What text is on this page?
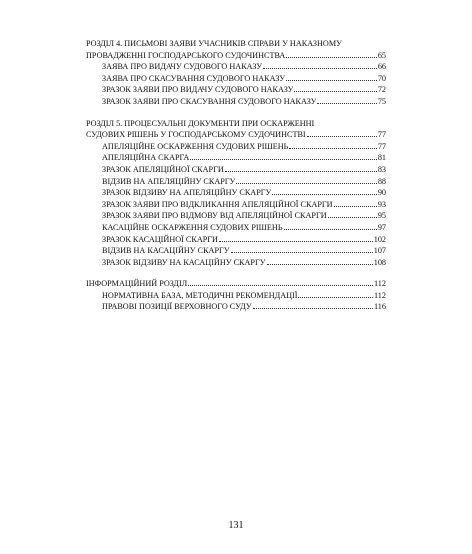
РОЗДІЛ 4. ПИСЬМОВІ ЗАЯВИ УЧАСНИКІВ СПРАВИ У НАКАЗНОМУ
ПРОВАДЖЕННІ ГОСПОДАРСЬКОГО СУДОЧИНСТВА	65
ЗАЯВА ПРО ВИДАЧУ СУДОВОГО НАКАЗУ	66
ЗАЯВА ПРО СКАСУВАННЯ СУДОВОГО НАКАЗУ	70
ЗРАЗОК ЗАЯВИ ПРО ВИДАЧУ СУДОВОГО НАКАЗУ	72
ЗРАЗОК ЗАЯВИ ПРО СКАСУВАННЯ СУДОВОГО НАКАЗУ	75
РОЗДІЛ 5. ПРОЦЕСУАЛЬНІ ДОКУМЕНТИ ПРИ ОСКАРЖЕННІ
СУДОВИХ РІШЕНЬ У ГОСПОДАРСЬКОМУ СУДОЧИНСТВІ	77
АПЕЛЯЦІЙНЕ ОСКАРЖЕННЯ СУДОВИХ РІШЕНЬ	77
АПЕЛЯЦІЙНА СКАРГА	81
ЗРАЗОК АПЕЛЯЦІЙНОЇ СКАРГИ	83
ВІДЗИВ НА АПЕЛЯЦІЙНУ СКАРГУ	88
ЗРАЗОК ВІДЗИВУ НА АПЕЛЯЦІЙНУ СКАРГУ	90
ЗРАЗОК ЗАЯВИ ПРО ВІДКЛИКАННЯ АПЕЛЯЦІЙНОЇ СКАРГИ	93
ЗРАЗОК ЗАЯВИ ПРО ВІДМОВУ ВІД АПЕЛЯЦІЙНОЇ СКАРГИ	95
КАСАЦІЙНЕ ОСКАРЖЕННЯ СУДОВИХ РІШЕНЬ	97
ЗРАЗОК КАСАЦІЙНОЇ СКАРГИ	102
ВІДЗИВ НА КАСАЦІЙНУ СКАРГУ	107
ЗРАЗОК ВІДЗИВУ НА КАСАЦІЙНУ СКАРГУ	108
ІНФОРМАЦІЙНИЙ РОЗДІЛ	112
НОРМАТИВНА БАЗА, МЕТОДИЧНІ РЕКОМЕНДАЦІЇ	112
ПРАВОВІ ПОЗИЦІЇ ВЕРХОВНОГО СУДУ	116
131
